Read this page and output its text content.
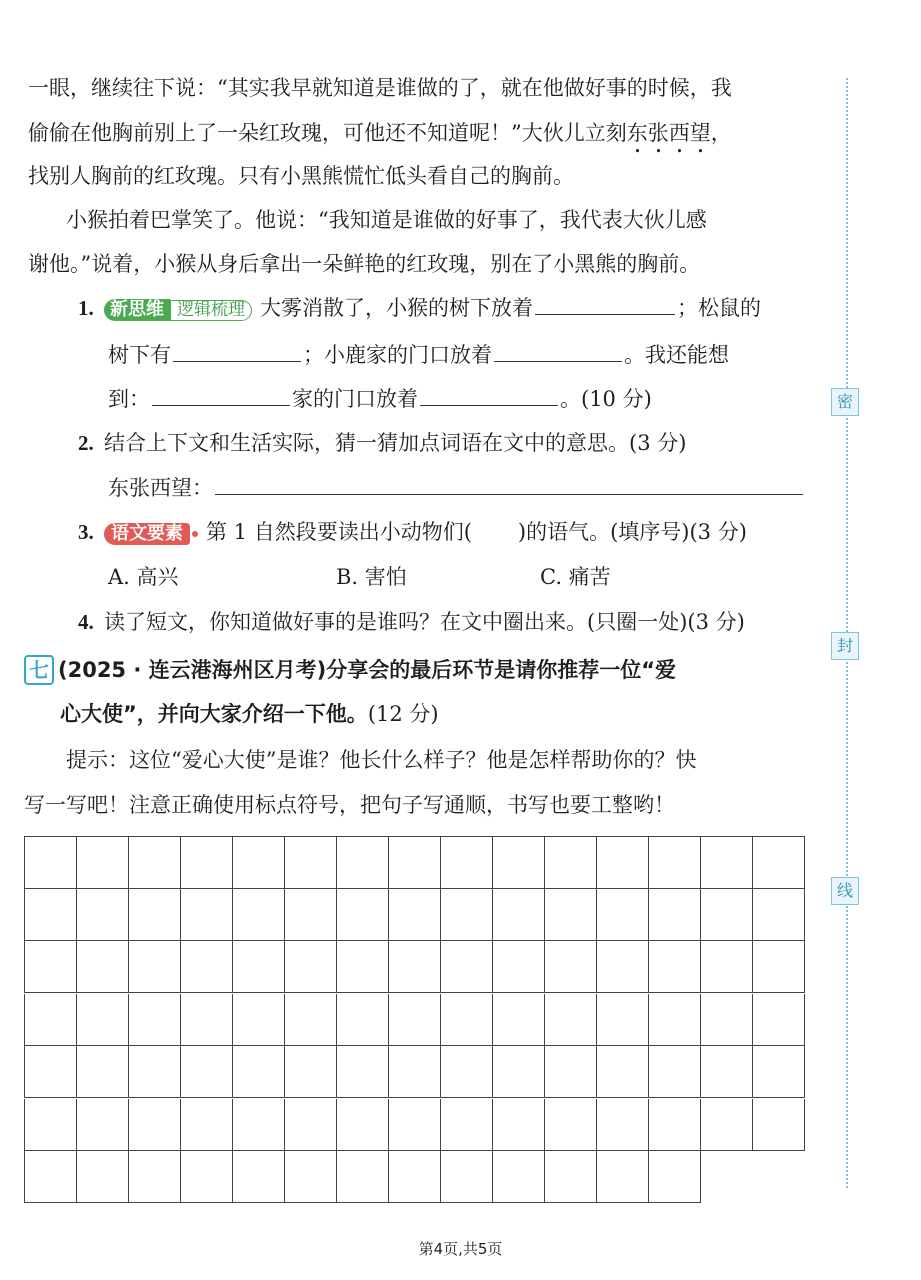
密
封
线
一眼，继续往下说：“其实我早就知道是谁做的了，就在他做好事的时候，我
偷偷在他胸前别上了一朵红玫瑰，可他还不知道呢！”大伙儿立刻东张西望，
找别人胸前的红玫瑰。只有小黑熊慌忙低头看自己的胸前。
小猴拍着巴掌笑了。他说：“我知道是谁做的好事了，我代表大伙儿感
谢他。”说着，小猴从身后拿出一朵鲜艳的红玫瑰，别在了小黑熊的胸前。
1. 新思维 逻辑梳理 大雾消散了，小猴的树下放着	；松鼠的
树下有	；小鹿家的门口放着	。我还能想
到：	家的门口放着	。(10 分)
2. 结合上下文和生活实际，猜一猜加点词语在文中的意思。(3 分)
东张西望：
3. 语文要素 第 1 自然段要读出小动物们( )的语气。(填序号)(3 分)
A. 高兴	B. 害怕	C. 痛苦
4. 读了短文，你知道做好事的是谁吗？在文中圈出来。(只圈一处)(3 分)
七 (2025 · 连云港海州区月考)分享会的最后环节是请你推荐一位“爱
心大使”，并向大家介绍一下他。(12 分)
提示：这位“爱心大使”是谁？他长什么样子？他是怎样帮助你的？快
写一写吧！注意正确使用标点符号，把句子写通顺，书写也要工整哟！
第4页,共5页
